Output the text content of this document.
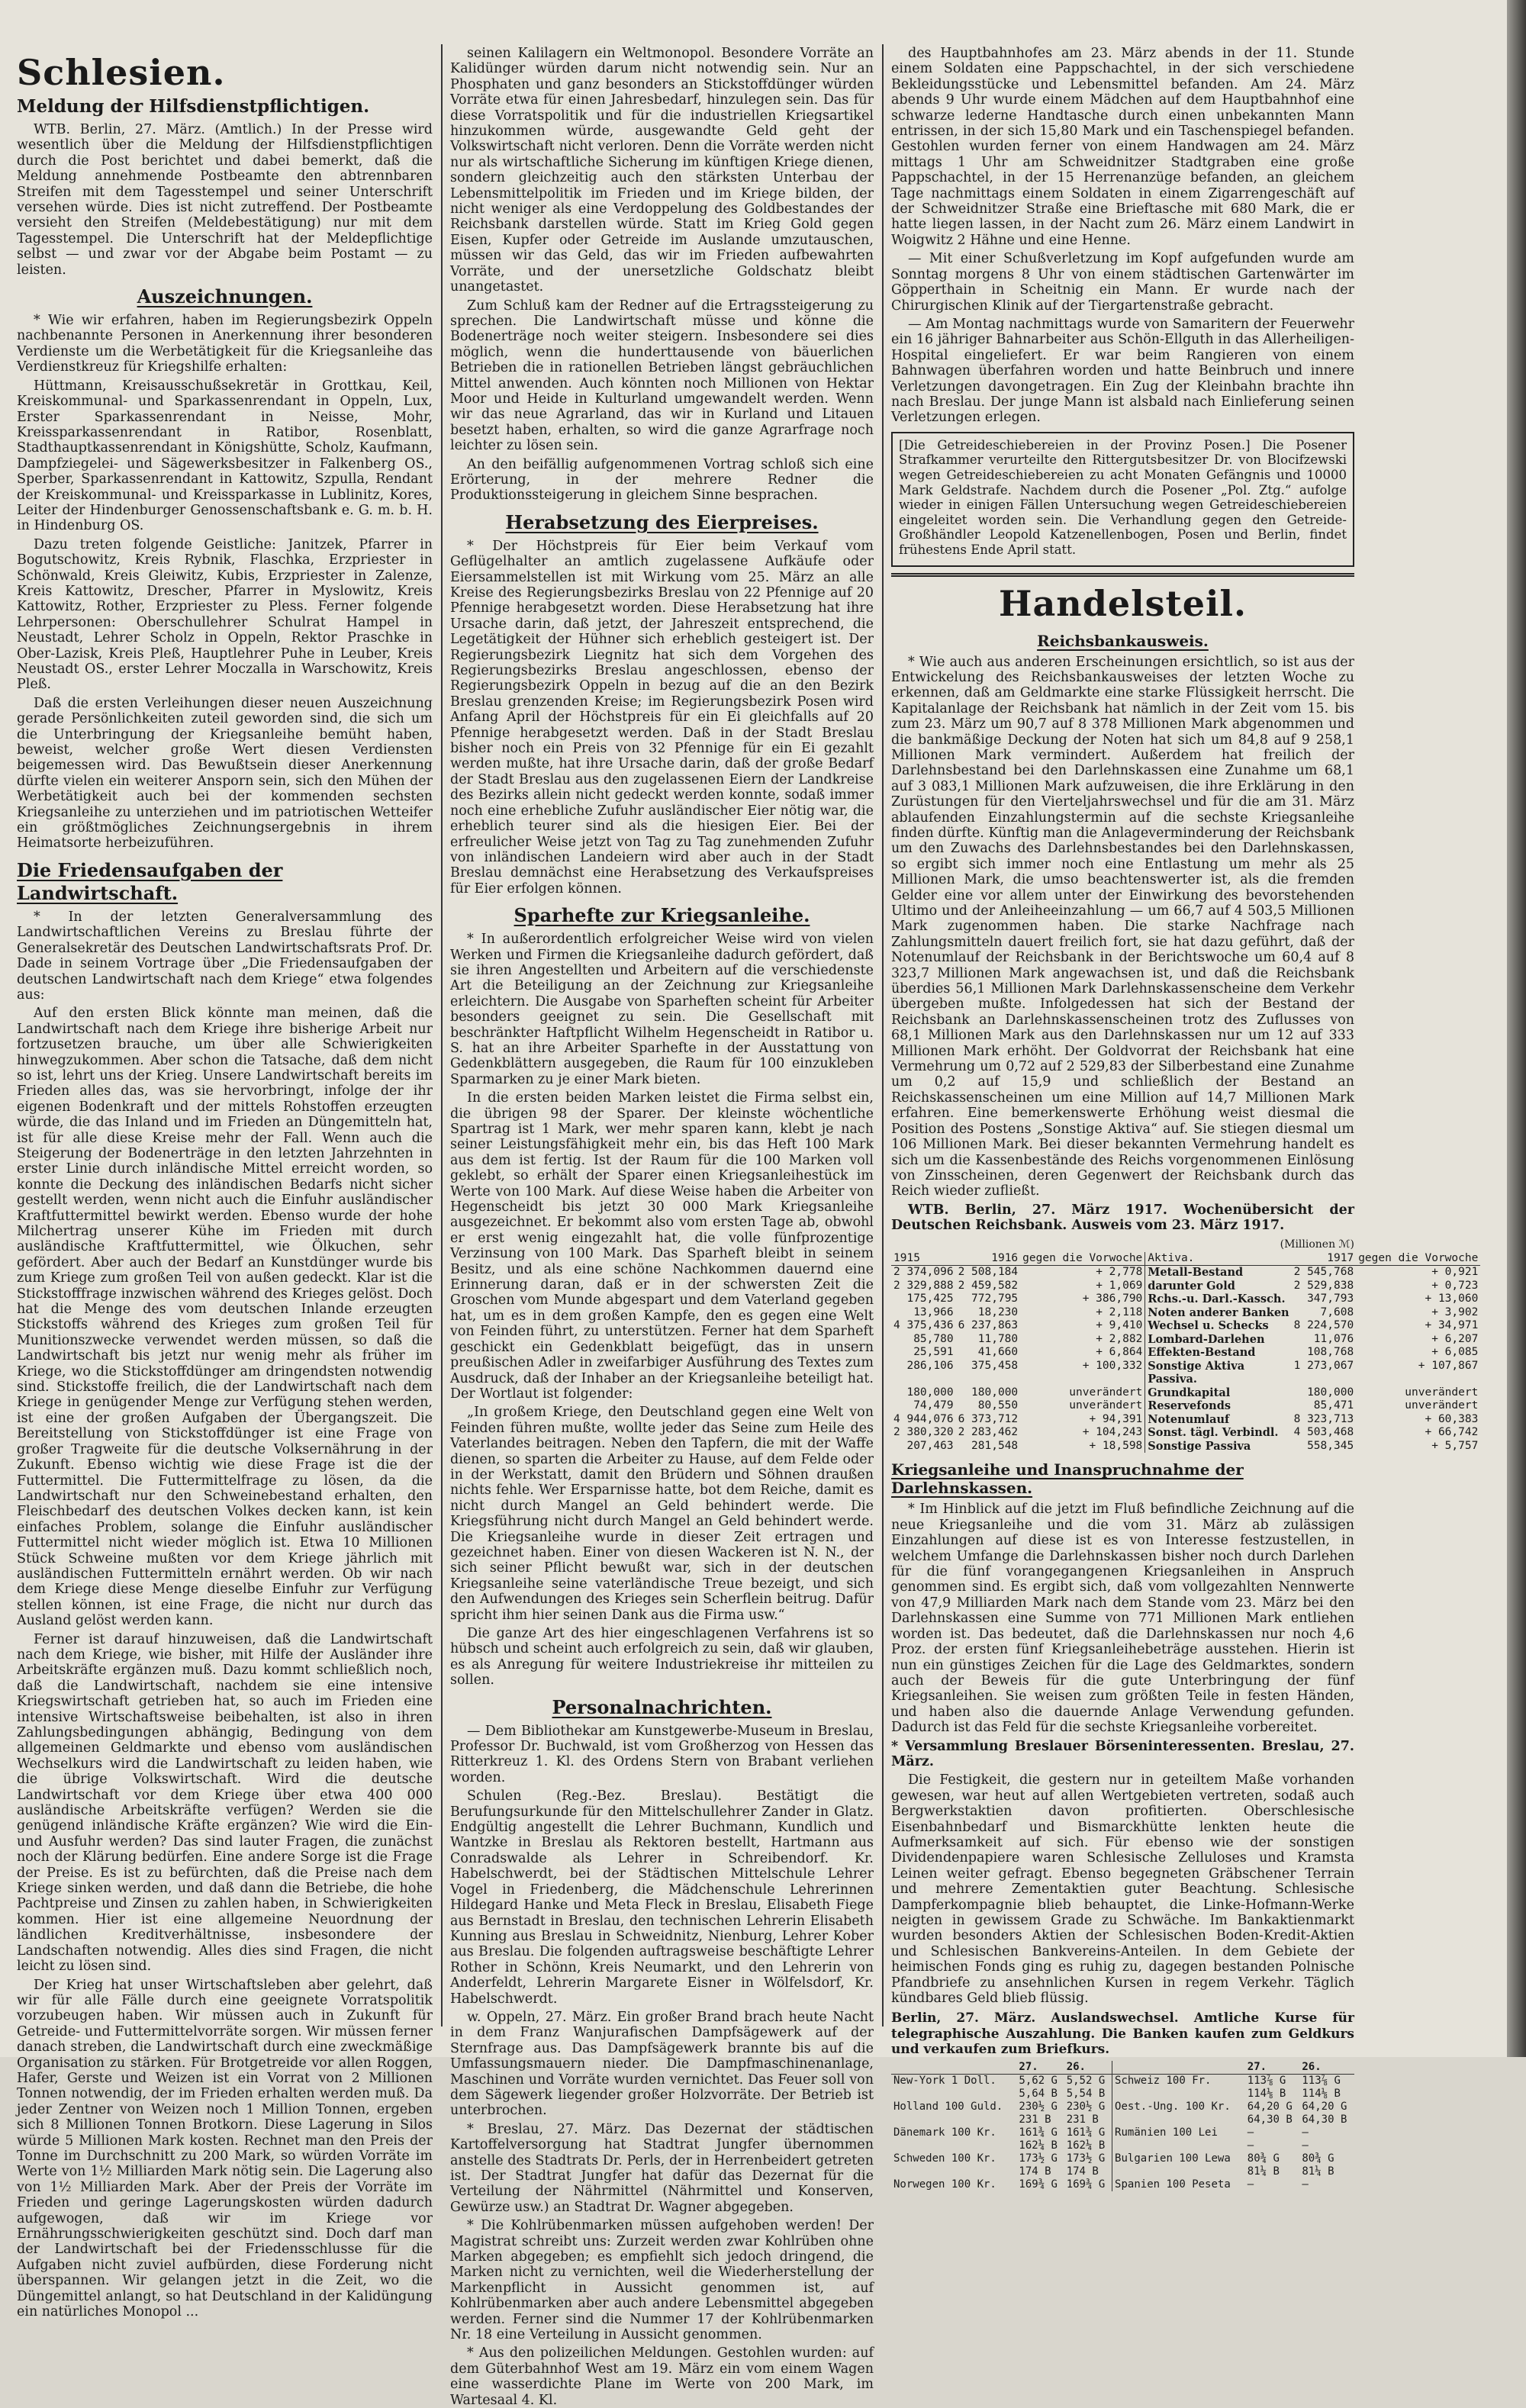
Schlesien.
Meldung der Hilfsdienstpflichtigen.

WTB. Berlin, 27. März. (Amtlich.) In der Presse wird wesentlich über die Meldung der Hilfsdienstpflichtigen durch die Post berichtet und dabei bemerkt, daß die Meldung annehmende Postbeamte den abtrennbaren Streifen mit dem Tagesstempel und seiner Unterschrift versehen würde. Dies ist nicht zutreffend. Der Postbeamte versieht den Streifen (Meldebestätigung) nur mit dem Tagesstempel. Die Unterschrift hat der Meldepflichtige selbst — und zwar vor der Abgabe beim Postamt — zu leisten.

Auszeichnungen.

* Wie wir erfahren, haben im Regierungsbezirk Oppeln nachbenannte Personen in Anerkennung ihrer besonderen Verdienste um die Werbetätigkeit für die Kriegsanleihe das Verdienstkreuz für Kriegshilfe erhalten:

Hüttmann, Kreisausschußsekretär in Grottkau, Keil, Kreiskommunal- und Sparkassenrendant in Oppeln, Lux, Erster Sparkassenrendant in Neisse, Mohr, Kreissparkassenrendant in Ratibor, Rosenblatt, Stadthauptkassenrendant in Königshütte, Scholz, Kaufmann, Dampfziegelei- und Sägewerksbesitzer in Falkenberg OS., Sperber, Sparkassenrendant in Kattowitz, Szpulla, Rendant der Kreiskommunal- und Kreissparkasse in Lublinitz, Kores, Leiter der Hindenburger Genossenschaftsbank e. G. m. b. H. in Hindenburg OS.

Dazu treten folgende Geistliche: Janitzek, Pfarrer in Bogutschowitz, Kreis Rybnik, Flaschka, Erzpriester in Schönwald, Kreis Gleiwitz, Kubis, Erzpriester in Zalenze, Kreis Kattowitz, Drescher, Pfarrer in Myslowitz, Kreis Kattowitz, Rother, Erzpriester zu Pless. Ferner folgende Lehrpersonen: Oberschullehrer Schulrat Hampel in Neustadt, Lehrer Scholz in Oppeln, Rektor Praschke in Ober-Lazisk, Kreis Pleß, Hauptlehrer Puhe in Leuber, Kreis Neustadt OS., erster Lehrer Moczalla in Warschowitz, Kreis Pleß.

Daß die ersten Verleihungen dieser neuen Auszeichnung gerade Persönlichkeiten zuteil geworden sind, die sich um die Unterbringung der Kriegsanleihe bemüht haben, beweist, welcher große Wert diesen Verdiensten beigemessen wird. Das Bewußtsein dieser Anerkennung dürfte vielen ein weiterer Ansporn sein, sich den Mühen der Werbetätigkeit auch bei der kommenden sechsten Kriegsanleihe zu unterziehen und im patriotischen Wetteifer ein größtmögliches Zeichnungsergebnis in ihrem Heimatsorte herbeizuführen.

Die Friedensaufgaben der Landwirtschaft.

* In der letzten Generalversammlung des Landwirtschaftlichen Vereins zu Breslau führte der Generalsekretär des Deutschen Landwirtschaftsrats Prof. Dr. Dade in seinem Vortrage über „Die Friedensaufgaben der deutschen Landwirtschaft nach dem Kriege“ etwa folgendes aus:

Auf den ersten Blick könnte man meinen, daß die Landwirtschaft nach dem Kriege ihre bisherige Arbeit nur fortzusetzen brauche, um über alle Schwierigkeiten hinwegzukommen. Aber schon die Tatsache, daß dem nicht so ist, lehrt uns der Krieg. Unsere Landwirtschaft bereits im Frieden alles das, was sie hervorbringt, infolge der ihr eigenen Bodenkraft und der mittels Rohstoffen erzeugten würde, die das Inland und im Frieden an Düngemitteln hat, ist für alle diese Kreise mehr der Fall. Wenn auch die Steigerung der Bodenerträge in den letzten Jahrzehnten in erster Linie durch inländische Mittel erreicht worden, so konnte die Deckung des inländischen Bedarfs nicht sicher gestellt werden, wenn nicht auch die Einfuhr ausländischer Kraftfuttermittel bewirkt werden. Ebenso wurde der hohe Milchertrag unserer Kühe im Frieden mit durch ausländische Kraftfuttermittel, wie Ölkuchen, sehr gefördert. Aber auch der Bedarf an Kunstdünger wurde bis zum Kriege zum großen Teil von außen gedeckt. Klar ist die Stickstofffrage inzwischen während des Krieges gelöst. Doch hat die Menge des vom deutschen Inlande erzeugten Stickstoffs während des Krieges zum großen Teil für Munitionszwecke verwendet werden müssen, so daß die Landwirtschaft bis jetzt nur wenig mehr als früher im Kriege, wo die Stickstoffdünger am dringendsten notwendig sind. Stickstoffe freilich, die der Landwirtschaft nach dem Kriege in genügender Menge zur Verfügung stehen werden, ist eine der großen Aufgaben der Übergangszeit. Die Bereitstellung von Stickstoffdünger ist eine Frage von großer Tragweite für die deutsche Volksernährung in der Zukunft. Ebenso wichtig wie diese Frage ist die der Futtermittel. Die Futtermittelfrage zu lösen, da die Landwirtschaft nur den Schweinebestand erhalten, den Fleischbedarf des deutschen Volkes decken kann, ist kein einfaches Problem, solange die Einfuhr ausländischer Futtermittel nicht wieder möglich ist. Etwa 10 Millionen Stück Schweine mußten vor dem Kriege jährlich mit ausländischen Futtermitteln ernährt werden. Ob wir nach dem Kriege diese Menge dieselbe Einfuhr zur Verfügung stellen können, ist eine Frage, die nicht nur durch das Ausland gelöst werden kann.

Ferner ist darauf hinzuweisen, daß die Landwirtschaft nach dem Kriege, wie bisher, mit Hilfe der Ausländer ihre Arbeitskräfte ergänzen muß. Dazu kommt schließlich noch, daß die Landwirtschaft, nachdem sie eine intensive Kriegswirtschaft getrieben hat, so auch im Frieden eine intensive Wirtschaftsweise beibehalten, ist also in ihren Zahlungsbedingungen abhängig, Bedingung von dem allgemeinen Geldmarkte und ebenso vom ausländischen Wechselkurs wird die Landwirtschaft zu leiden haben, wie die übrige Volkswirtschaft. Wird die deutsche Landwirtschaft vor dem Kriege über etwa 400 000 ausländische Arbeitskräfte verfügen? Werden sie die genügend inländische Kräfte ergänzen? Wie wird die Ein- und Ausfuhr werden? Das sind lauter Fragen, die zunächst noch der Klärung bedürfen. Eine andere Sorge ist die Frage der Preise. Es ist zu befürchten, daß die Preise nach dem Kriege sinken werden, und daß dann die Betriebe, die hohe Pachtpreise und Zinsen zu zahlen haben, in Schwierigkeiten kommen. Hier ist eine allgemeine Neuordnung der ländlichen Kreditverhältnisse, insbesondere der Landschaften notwendig. Alles dies sind Fragen, die nicht leicht zu lösen sind.

Der Krieg hat unser Wirtschaftsleben aber gelehrt, daß wir für alle Fälle durch eine geeignete Vorratspolitik vorzubeugen haben. Wir müssen auch in Zukunft für Getreide- und Futtermittelvorräte sorgen. Wir müssen ferner danach streben, die Landwirtschaft durch eine zweckmäßige Organisation zu stärken. Für Brotgetreide vor allen Roggen, Hafer, Gerste und Weizen ist ein Vorrat von 2 Millionen Tonnen notwendig, der im Frieden erhalten werden muß. Da jeder Zentner von Weizen noch 1 Million Tonnen, ergeben sich 8 Millionen Tonnen Brotkorn. Diese Lagerung in Silos würde 5 Millionen Mark kosten. Rechnet man den Preis der Tonne im Durchschnitt zu 200 Mark, so würden Vorräte im Werte von 1½ Milliarden Mark nötig sein. Die Lagerung also von 1½ Milliarden Mark. Aber der Preis der Vorräte im Frieden und geringe Lagerungskosten würden dadurch aufgewogen, daß wir im Kriege vor Ernährungsschwierigkeiten geschützt sind. Doch darf man der Landwirtschaft bei der Friedensschlusse für die Aufgaben nicht zuviel aufbürden, diese Forderung nicht überspannen. Wir gelangen jetzt in die Zeit, wo die Düngemittel anlangt, so hat Deutschland in der Kalidüngung ein natürliches Monopol ...

seinen Kalilagern ein Weltmonopol. Besondere Vorräte an Kalidünger würden darum nicht notwendig sein. Nur an Phosphaten und ganz besonders an Stickstoffdünger würden Vorräte etwa für einen Jahresbedarf, hinzulegen sein. Das für diese Vorratspolitik und für die industriellen Kriegsartikel hinzukommen würde, ausgewandte Geld geht der Volkswirtschaft nicht verloren. Denn die Vorräte werden nicht nur als wirtschaftliche Sicherung im künftigen Kriege dienen, sondern gleichzeitig auch den stärksten Unterbau der Lebensmittelpolitik im Frieden und im Kriege bilden, der nicht weniger als eine Verdoppelung des Goldbestandes der Reichsbank darstellen würde. Statt im Krieg Gold gegen Eisen, Kupfer oder Getreide im Auslande umzutauschen, müssen wir das Geld, das wir im Frieden aufbewahrten Vorräte, und der unersetzliche Goldschatz bleibt unangetastet.

Zum Schluß kam der Redner auf die Ertragssteigerung zu sprechen. Die Landwirtschaft müsse und könne die Bodenerträge noch weiter steigern. Insbesondere sei dies möglich, wenn die hunderttausende von bäuerlichen Betrieben die in rationellen Betrieben längst gebräuchlichen Mittel anwenden. Auch könnten noch Millionen von Hektar Moor und Heide in Kulturland umgewandelt werden. Wenn wir das neue Agrarland, das wir in Kurland und Litauen besetzt haben, erhalten, so wird die ganze Agrarfrage noch leichter zu lösen sein.

An den beifällig aufgenommenen Vortrag schloß sich eine Erörterung, in der mehrere Redner die Produktionssteigerung in gleichem Sinne besprachen.

Herabsetzung des Eierpreises.

* Der Höchstpreis für Eier beim Verkauf vom Geflügelhalter an amtlich zugelassene Aufkäufe oder Eiersammelstellen ist mit Wirkung vom 25. März an alle Kreise des Regierungsbezirks Breslau von 22 Pfennige auf 20 Pfennige herabgesetzt worden. Diese Herabsetzung hat ihre Ursache darin, daß jetzt, der Jahreszeit entsprechend, die Legetätigkeit der Hühner sich erheblich gesteigert ist. Der Regierungsbezirk Liegnitz hat sich dem Vorgehen des Regierungsbezirks Breslau angeschlossen, ebenso der Regierungsbezirk Oppeln in bezug auf die an den Bezirk Breslau grenzenden Kreise; im Regierungsbezirk Posen wird Anfang April der Höchstpreis für ein Ei gleichfalls auf 20 Pfennige herabgesetzt werden. Daß in der Stadt Breslau bisher noch ein Preis von 32 Pfennige für ein Ei gezahlt werden mußte, hat ihre Ursache darin, daß der große Bedarf der Stadt Breslau aus den zugelassenen Eiern der Landkreise des Bezirks allein nicht gedeckt werden konnte, sodaß immer noch eine erhebliche Zufuhr ausländischer Eier nötig war, die erheblich teurer sind als die hiesigen Eier. Bei der erfreulicher Weise jetzt von Tag zu Tag zunehmenden Zufuhr von inländischen Landeiern wird aber auch in der Stadt Breslau demnächst eine Herabsetzung des Verkaufspreises für Eier erfolgen können.

Sparhefte zur Kriegsanleihe.

* In außerordentlich erfolgreicher Weise wird von vielen Werken und Firmen die Kriegsanleihe dadurch gefördert, daß sie ihren Angestellten und Arbeitern auf die verschiedenste Art die Beteiligung an der Zeichnung zur Kriegsanleihe erleichtern. Die Ausgabe von Sparheften scheint für Arbeiter besonders geeignet zu sein. Die Gesellschaft mit beschränkter Haftpflicht Wilhelm Hegenscheidt in Ratibor u. S. hat an ihre Arbeiter Sparhefte in der Ausstattung von Gedenkblättern ausgegeben, die Raum für 100 einzukleben Sparmarken zu je einer Mark bieten.

In die ersten beiden Marken leistet die Firma selbst ein, die übrigen 98 der Sparer. Der kleinste wöchentliche Spartrag ist 1 Mark, wer mehr sparen kann, klebt je nach seiner Leistungsfähigkeit mehr ein, bis das Heft 100 Mark aus dem ist fertig. Ist der Raum für die 100 Marken voll geklebt, so erhält der Sparer einen Kriegsanleihestück im Werte von 100 Mark. Auf diese Weise haben die Arbeiter von Hegenscheidt bis jetzt 30 000 Mark Kriegsanleihe ausgezeichnet. Er bekommt also vom ersten Tage ab, obwohl er erst wenig eingezahlt hat, die volle fünfprozentige Verzinsung von 100 Mark. Das Sparheft bleibt in seinem Besitz, und als eine schöne Nachkommen dauernd eine Erinnerung daran, daß er in der schwersten Zeit die Groschen vom Munde abgespart und dem Vaterland gegeben hat, um es in dem großen Kampfe, den es gegen eine Welt von Feinden führt, zu unterstützen. Ferner hat dem Sparheft geschickt ein Gedenkblatt beigefügt, das in unsern preußischen Adler in zweifarbiger Ausführung des Textes zum Ausdruck, daß der Inhaber an der Kriegsanleihe beteiligt hat. Der Wortlaut ist folgender:

„In großem Kriege, den Deutschland gegen eine Welt von Feinden führen mußte, wollte jeder das Seine zum Heile des Vaterlandes beitragen. Neben den Tapfern, die mit der Waffe dienen, so sparten die Arbeiter zu Hause, auf dem Felde oder in der Werkstatt, damit den Brüdern und Söhnen draußen nichts fehle. Wer Ersparnisse hatte, bot dem Reiche, damit es nicht durch Mangel an Geld behindert werde. Die Kriegsführung nicht durch Mangel an Geld behindert werde. Die Kriegsanleihe wurde in dieser Zeit ertragen und gezeichnet haben. Einer von diesen Wackeren ist N. N., der sich seiner Pflicht bewußt war, sich in der deutschen Kriegsanleihe seine vaterländische Treue bezeigt, und sich den Aufwendungen des Krieges sein Scherflein beitrug. Dafür spricht ihm hier seinen Dank aus die Firma usw.“

Die ganze Art des hier eingeschlagenen Verfahrens ist so hübsch und scheint auch erfolgreich zu sein, daß wir glauben, es als Anregung für weitere Industriekreise ihr mitteilen zu sollen.

Personalnachrichten.

— Dem Bibliothekar am Kunstgewerbe-Museum in Breslau, Professor Dr. Buchwald, ist vom Großherzog von Hessen das Ritterkreuz 1. Kl. des Ordens Stern von Brabant verliehen worden.

Schulen (Reg.-Bez. Breslau). Bestätigt die Berufungsurkunde für den Mittelschullehrer Zander in Glatz. Endgültig angestellt die Lehrer Buchmann, Kundlich und Wantzke in Breslau als Rektoren bestellt, Hartmann aus Conradswalde als Lehrer in Schreibendorf. Kr. Habelschwerdt, bei der Städtischen Mittelschule Lehrer Vogel in Friedenberg, die Mädchenschule Lehrerinnen Hildegard Hanke und Meta Fleck in Breslau, Elisabeth Fiege aus Bernstadt in Breslau, den technischen Lehrerin Elisabeth Kunning aus Breslau in Schweidnitz, Nienburg, Lehrer Kober aus Breslau. Die folgenden auftragsweise beschäftigte Lehrer Rother in Schönn, Kreis Neumarkt, und den Lehrerin von Anderfeldt, Lehrerin Margarete Eisner in Wölfelsdorf, Kr. Habelschwerdt.

w. Oppeln, 27. März. Ein großer Brand brach heute Nacht in dem Franz Wanjurafischen Dampfsägewerk auf der Sternfrage aus. Das Dampfsägewerk brannte bis auf die Umfassungsmauern nieder. Die Dampfmaschinenanlage, Maschinen und Vorräte wurden vernichtet. Das Feuer soll von dem Sägewerk liegender großer Holzvorräte. Der Betrieb ist unterbrochen.

* Breslau, 27. März. Das Dezernat der städtischen Kartoffelversorgung hat Stadtrat Jungfer übernommen anstelle des Stadtrats Dr. Perls, der in Herrenbeidert getreten ist. Der Stadtrat Jungfer hat dafür das Dezernat für die Verteilung der Nährmittel (Nährmittel und Konserven, Gewürze usw.) an Stadtrat Dr. Wagner abgegeben.

* Die Kohlrübenmarken müssen aufgehoben werden! Der Magistrat schreibt uns: Zurzeit werden zwar Kohlrüben ohne Marken abgegeben; es empfiehlt sich jedoch dringend, die Marken nicht zu vernichten, weil die Wiederherstellung der Markenpflicht in Aussicht genommen ist, auf Kohlrübenmarken aber auch andere Lebensmittel abgegeben werden. Ferner sind die Nummer 17 der Kohlrübenmarken Nr. 18 eine Verteilung in Aussicht genommen.

* Aus den polizeilichen Meldungen. Gestohlen wurden: auf dem Güterbahnhof West am 19. März ein vom einem Wagen eine wasserdichte Plane im Werte von 200 Mark, im Wartesaal 4. Kl.

des Hauptbahnhofes am 23. März abends in der 11. Stunde einem Soldaten eine Pappschachtel, in der sich verschiedene Bekleidungsstücke und Lebensmittel befanden. Am 24. März abends 9 Uhr wurde einem Mädchen auf dem Hauptbahnhof eine schwarze lederne Handtasche durch einen unbekannten Mann entrissen, in der sich 15,80 Mark und ein Taschenspiegel befanden. Gestohlen wurden ferner von einem Handwagen am 24. März mittags 1 Uhr am Schweidnitzer Stadtgraben eine große Pappschachtel, in der 15 Herrenanzüge befanden, an gleichem Tage nachmittags einem Soldaten in einem Zigarrengeschäft auf der Schweidnitzer Straße eine Brieftasche mit 680 Mark, die er hatte liegen lassen, in der Nacht zum 26. März einem Landwirt in Woigwitz 2 Hähne und eine Henne.

— Mit einer Schußverletzung im Kopf aufgefunden wurde am Sonntag morgens 8 Uhr von einem städtischen Gartenwärter im Göpperthain in Scheitnig ein Mann. Er wurde nach der Chirurgischen Klinik auf der Tiergartenstraße gebracht.

— Am Montag nachmittags wurde von Samaritern der Feuerwehr ein 16 jähriger Bahnarbeiter aus Schön-Ellguth in das Allerheiligen-Hospital eingeliefert. Er war beim Rangieren von einem Bahnwagen überfahren worden und hatte Beinbruch und innere Verletzungen davongetragen. Ein Zug der Kleinbahn brachte ihn nach Breslau. Der junge Mann ist alsbald nach Einlieferung seinen Verletzungen erlegen.

[Die Getreideschiebereien in der Provinz Posen.] Die Posener Strafkammer verurteilte den Rittergutsbesitzer Dr. von Blocifzewski wegen Getreideschiebereien zu acht Monaten Gefängnis und 10000 Mark Geldstrafe. Nachdem durch die Posener „Pol. Ztg.“ aufolge wieder in einigen Fällen Untersuchung wegen Getreideschiebereien eingeleitet worden sein. Die Verhandlung gegen den Getreide-Großhändler Leopold Katzenellenbogen, Posen und Berlin, findet frühestens Ende April statt.

Handelsteil.
Reichsbankausweis.

* Wie auch aus anderen Erscheinungen ersichtlich, so ist aus der Entwickelung des Reichsbankausweises der letzten Woche zu erkennen, daß am Geldmarkte eine starke Flüssigkeit herrscht. Die Kapitalanlage der Reichsbank hat nämlich in der Zeit vom 15. bis zum 23. März um 90,7 auf 8 378 Millionen Mark abgenommen und die bankmäßige Deckung der Noten hat sich um 84,8 auf 9 258,1 Millionen Mark vermindert. Außerdem hat freilich der Darlehnsbestand bei den Darlehnskassen eine Zunahme um 68,1 auf 3 083,1 Millionen Mark aufzuweisen, die ihre Erklärung in den Zurüstungen für den Vierteljahrswechsel und für die am 31. März ablaufenden Einzahlungstermin auf die sechste Kriegsanleihe finden dürfte. Künftig man die Anlageverminderung der Reichsbank um den Zuwachs des Darlehnsbestandes bei den Darlehnskassen, so ergibt sich immer noch eine Entlastung um mehr als 25 Millionen Mark, die umso beachtenswerter ist, als die fremden Gelder eine vor allem unter der Einwirkung des bevorstehenden Ultimo und der Anleiheeinzahlung — um 66,7 auf 4 503,5 Millionen Mark zugenommen haben. Die starke Nachfrage nach Zahlungsmitteln dauert freilich fort, sie hat dazu geführt, daß der Notenumlauf der Reichsbank in der Berichtswoche um 60,4 auf 8 323,7 Millionen Mark angewachsen ist, und daß die Reichsbank überdies 56,1 Millionen Mark Darlehnskassenscheine dem Verkehr übergeben mußte. Infolgedessen hat sich der Bestand der Reichsbank an Darlehnskassenscheinen trotz des Zuflusses von 68,1 Millionen Mark aus den Darlehnskassen nur um 12 auf 333 Millionen Mark erhöht. Der Goldvorrat der Reichsbank hat eine Vermehrung um 0,72 auf 2 529,83 der Silberbestand eine Zunahme um 0,2 auf 15,9 und schließlich der Bestand an Reichskassenscheinen um eine Million auf 14,7 Millionen Mark erfahren. Eine bemerkenswerte Erhöhung weist diesmal die Position des Postens „Sonstige Aktiva“ auf. Sie stiegen diesmal um 106 Millionen Mark. Bei dieser bekannten Vermehrung handelt es sich um die Kassenbestände des Reichs vorgenommenen Einlösung von Zinsscheinen, deren Gegenwert der Reichsbank durch das Reich wieder zufließt.

WTB. Berlin, 27. März 1917. Wochenübersicht der Deutschen Reichsbank. Ausweis vom 23. März 1917.

(Millionen ℳ)
1915	1916	gegen die Vorwoche	Aktiva.	1917	gegen die Vorwoche
2 374,096	2 508,184	+ 2,778	Metall-Bestand	2 545,768	+ 0,921
2 329,888	2 459,582	+ 1,069	darunter Gold	2 529,838	+ 0,723
175,425	772,795	+ 386,790	Rchs.-u. Darl.-Kassch.	347,793	+ 13,060
13,966	18,230	+ 2,118	Noten anderer Banken	7,608	+ 3,902
4 375,436	6 237,863	+ 9,410	Wechsel u. Schecks	8 224,570	+ 34,971
85,780	11,780	+ 2,882	Lombard-Darlehen	11,076	+ 6,207
25,591	41,660	+ 6,864	Effekten-Bestand	108,768	+ 6,085
286,106	375,458	+ 100,332	Sonstige Aktiva	1 273,067	+ 107,867
			Passiva.		
180,000	180,000	unverändert	Grundkapital	180,000	unverändert
74,479	80,550	unverändert	Reservefonds	85,471	unverändert
4 944,076	6 373,712	+ 94,391	Notenumlauf	8 323,713	+ 60,383
2 380,320	2 283,462	+ 104,243	Sonst. tägl. Verbindl.	4 503,468	+ 66,742
207,463	281,548	+ 18,598	Sonstige Passiva	558,345	+ 5,757
Kriegsanleihe und Inanspruchnahme der Darlehnskassen.

* Im Hinblick auf die jetzt im Fluß befindliche Zeichnung auf die neue Kriegsanleihe und die vom 31. März ab zulässigen Einzahlungen auf diese ist es von Interesse festzustellen, in welchem Umfange die Darlehnskassen bisher noch durch Darlehen für die fünf vorangegangenen Kriegsanleihen in Anspruch genommen sind. Es ergibt sich, daß vom vollgezahlten Nennwerte von 47,9 Milliarden Mark nach dem Stande vom 23. März bei den Darlehnskassen eine Summe von 771 Millionen Mark entliehen worden ist. Das bedeutet, daß die Darlehnskassen nur noch 4,6 Proz. der ersten fünf Kriegsanleihebeträge ausstehen. Hierin ist nun ein günstiges Zeichen für die Lage des Geldmarktes, sondern auch der Beweis für die gute Unterbringung der fünf Kriegsanleihen. Sie weisen zum größten Teile in festen Händen, und haben also die dauernde Anlage Verwendung gefunden. Dadurch ist das Feld für die sechste Kriegsanleihe vorbereitet.

* Versammlung Breslauer Börseninteressenten. Breslau, 27. März.

Die Festigkeit, die gestern nur in geteiltem Maße vorhanden gewesen, war heut auf allen Wertgebieten vertreten, sodaß auch Bergwerkstaktien davon profitierten. Oberschlesische Eisenbahnbedarf und Bismarckhütte lenkten heute die Aufmerksamkeit auf sich. Für ebenso wie der sonstigen Dividendenpapiere waren Schlesische Zelluloses und Kramsta Leinen weiter gefragt. Ebenso begegneten Gräbschener Terrain und mehrere Zementaktien guter Beachtung. Schlesische Dampferkompagnie blieb behauptet, die Linke-Hofmann-Werke neigten in gewissem Grade zu Schwäche. Im Bankaktienmarkt wurden besonders Aktien der Schlesischen Boden-Kredit-Aktien und Schlesischen Bankvereins-Anteilen. In dem Gebiete der heimischen Fonds ging es ruhig zu, dagegen bestanden Polnische Pfandbriefe zu ansehnlichen Kursen in regem Verkehr. Täglich kündbares Geld blieb flüssig.

Berlin, 27. März. Auslandswechsel. Amtliche Kurse für telegraphische Auszahlung. Die Banken kaufen zum Geldkurs und verkaufen zum Briefkurs.
	27.	26.		27.	26.
New-York 1 Doll.	5,62 G	5,52 G	Schweiz 100 Fr.	113⅞ G	113⅞ G
	5,64 B	5,54 B		114⅛ B	114⅛ B
Holland 100 Guld.	230½ G	230½ G	Oest.-Ung. 100 Kr.	64,20 G	64,20 G
	231 B	231 B		64,30 B	64,30 B
Dänemark 100 Kr.	161¾ G	161¾ G	Rumänien 100 Lei	—	—
	162¼ B	162¼ B		—	—
Schweden 100 Kr.	173½ G	173½ G	Bulgarien 100 Lewa	80¾ G	80¾ G
	174 B	174 B		81¼ B	81¼ B
Norwegen 100 Kr.	169¾ G	169¾ G	Spanien 100 Peseta	—	—
